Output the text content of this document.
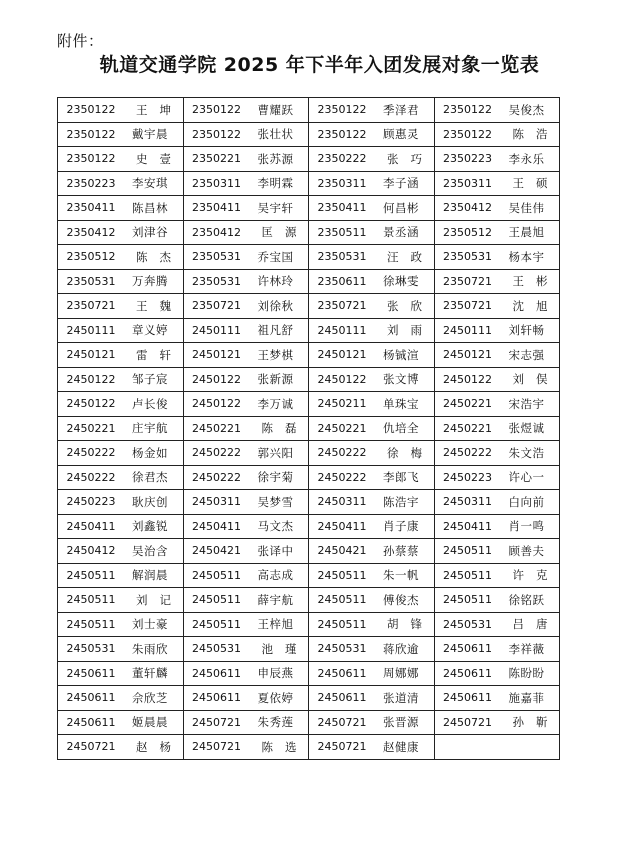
附件：
轨道交通学院 2025 年下半年入团发展对象一览表
2350122 王坤	2350122 曹耀跃	2350122 季泽君	2350122 吴俊杰

2350122 戴宇晨	2350122 张壮状	2350122 顾惠灵	2350122 陈浩

2350122 史壹	2350221 张苏源	2350222 张巧	2350223 李永乐

2350223 李安琪	2350311 李明霖	2350311 李子涵	2350311 王硕

2350411 陈昌林	2350411 吴宇轩	2350411 何昌彬	2350412 吴佳伟

2350412 刘津谷	2350412 匡源	2350511 景丞涵	2350512 王晨旭

2350512 陈杰	2350531 乔宝国	2350531 汪政	2350531 杨本宇

2350531 万奔腾	2350531 许林玲	2350611 徐琳雯	2350721 王彬

2350721 王魏	2350721 刘徐秋	2350721 张欣	2350721 沈旭

2450111 章义婷	2450111 祖凡舒	2450111 刘雨	2450111 刘轩畅

2450121 雷轩	2450121 王梦棋	2450121 杨铖渲	2450121 宋志强

2450122 邹子宸	2450122 张新源	2450122 张文博	2450122 刘俣

2450122 卢长俊	2450122 李万诚	2450211 单珠宝	2450221 宋浩宇

2450221 庄宇航	2450221 陈磊	2450221 仇培全	2450221 张煜诚

2450222 杨金如	2450222 郭兴阳	2450222 徐梅	2450222 朱文浩

2450222 徐君杰	2450222 徐宇菊	2450222 李郎飞	2450223 许心一

2450223 耿庆创	2450311 吴梦雪	2450311 陈浩宇	2450311 白向前

2450411 刘鑫锐	2450411 马文杰	2450411 肖子康	2450411 肖一鸣

2450412 吴治含	2450421 张译中	2450421 孙蔡蔡	2450511 顾善夫

2450511 解润晨	2450511 高志成	2450511 朱一帆	2450511 许克

2450511 刘记	2450511 薛宇航	2450511 傅俊杰	2450511 徐铭跃

2450511 刘士豪	2450511 王梓旭	2450511 胡锋	2450531 吕唐

2450531 朱雨欣	2450531 池瑾	2450531 蒋欣逾	2450611 李祥薇

2450611 董轩麟	2450611 申辰燕	2450611 周娜娜	2450611 陈盼盼

2450611 佘欣芝	2450611 夏依婷	2450611 张道清	2450611 施嘉菲

2450611 姬晨晨	2450721 朱秀莲	2450721 张晋源	2450721 孙靳

2450721 赵杨	2450721 陈选	2450721 赵健康	
